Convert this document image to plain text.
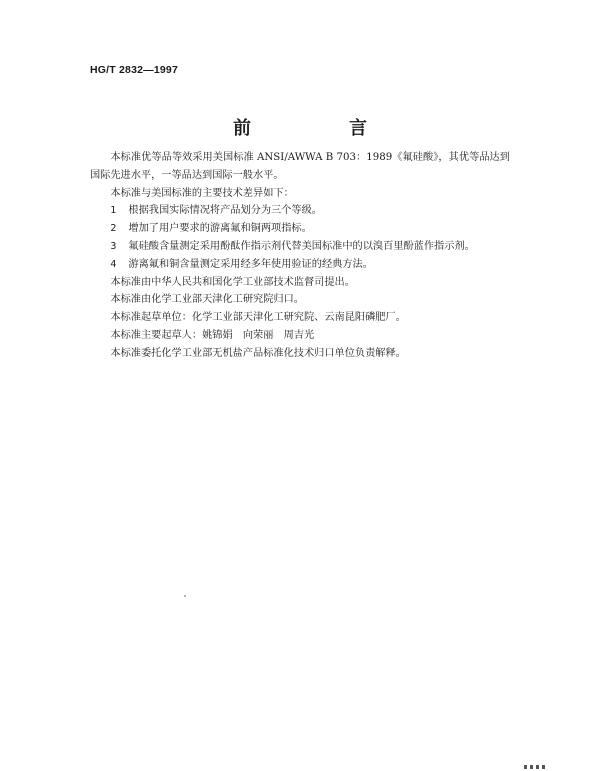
HG/T 2832—1997
前　言

本标准优等品等效采用美国标准 ANSI/AWWA B 703：1989《氟硅酸》，其优等品达到国际先进水平，一等品达到国际一般水平。

本标准与美国标准的主要技术差异如下：

1 根据我国实际情况将产品划分为三个等级。

2 增加了用户要求的游离氟和铜两项指标。

3 氟硅酸含量测定采用酚酞作指示剂代替美国标准中的以溴百里酚蓝作指示剂。

4 游离氟和铜含量测定采用经多年使用验证的经典方法。

本标准由中华人民共和国化学工业部技术监督司提出。

本标准由化学工业部天津化工研究院归口。

本标准起草单位：化学工业部天津化工研究院、云南昆阳磷肥厂。

本标准主要起草人：姚锦娟　向荣丽　周吉光

本标准委托化学工业部无机盐产品标准化技术归口单位负责解释。
